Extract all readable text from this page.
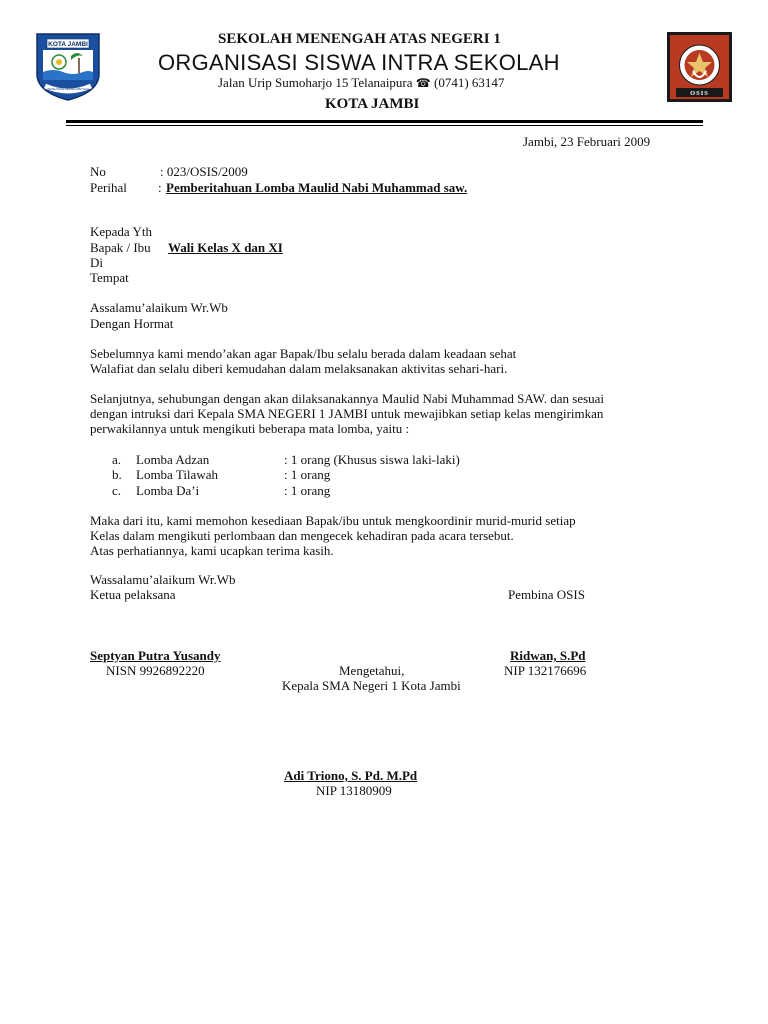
KOTA JAMBI
TANAH PILIH PESAKO BETUAH
SEKOLAH MENENGAH ATAS NEGERI 1
ORGANISASI SISWA INTRA SEKOLAH
Jalan Urip Sumoharjo 15 Telanaipura ☎ (0741) 63147
KOTA JAMBI
OSIS
Jambi, 23 Februari 2009
No	: 023/OSIS/2009
Perihal : Pemberitahuan Lomba Maulid Nabi Muhammad saw.
Kepada Yth
Bapak / Ibu Wali Kelas X dan XI
Di
Tempat
Assalamu’alaikum Wr.Wb
Dengan Hormat
Sebelumnya kami mendo’akan agar Bapak/Ibu selalu berada dalam keadaan sehat
Walafiat dan selalu diberi kemudahan dalam melaksanakan aktivitas sehari-hari.
Selanjutnya, sehubungan dengan akan dilaksanakannya Maulid Nabi Muhammad SAW. dan sesuai
dengan intruksi dari Kepala SMA NEGERI 1 JAMBI untuk mewajibkan setiap kelas mengirimkan
perwakilannya untuk mengikuti beberapa mata lomba, yaitu :
a. Lomba Adzan	: 1 orang (Khusus siswa laki-laki)
b. Lomba Tilawah	: 1 orang
c. Lomba Da’i	: 1 orang
Maka dari itu, kami memohon kesediaan Bapak/ibu untuk mengkoordinir murid-murid setiap
Kelas dalam mengikuti perlombaan dan mengecek kehadiran pada acara tersebut.
Atas perhatiannya, kami ucapkan terima kasih.
Wassalamu’alaikum Wr.Wb
Ketua pelaksana	Pembina OSIS
Septyan Putra Yusandy	Ridwan, S.Pd
NISN 9926892220	Mengetahui,	NIP 132176696
Kepala SMA Negeri 1 Kota Jambi
Adi Triono, S. Pd. M.Pd
NIP 13180909
